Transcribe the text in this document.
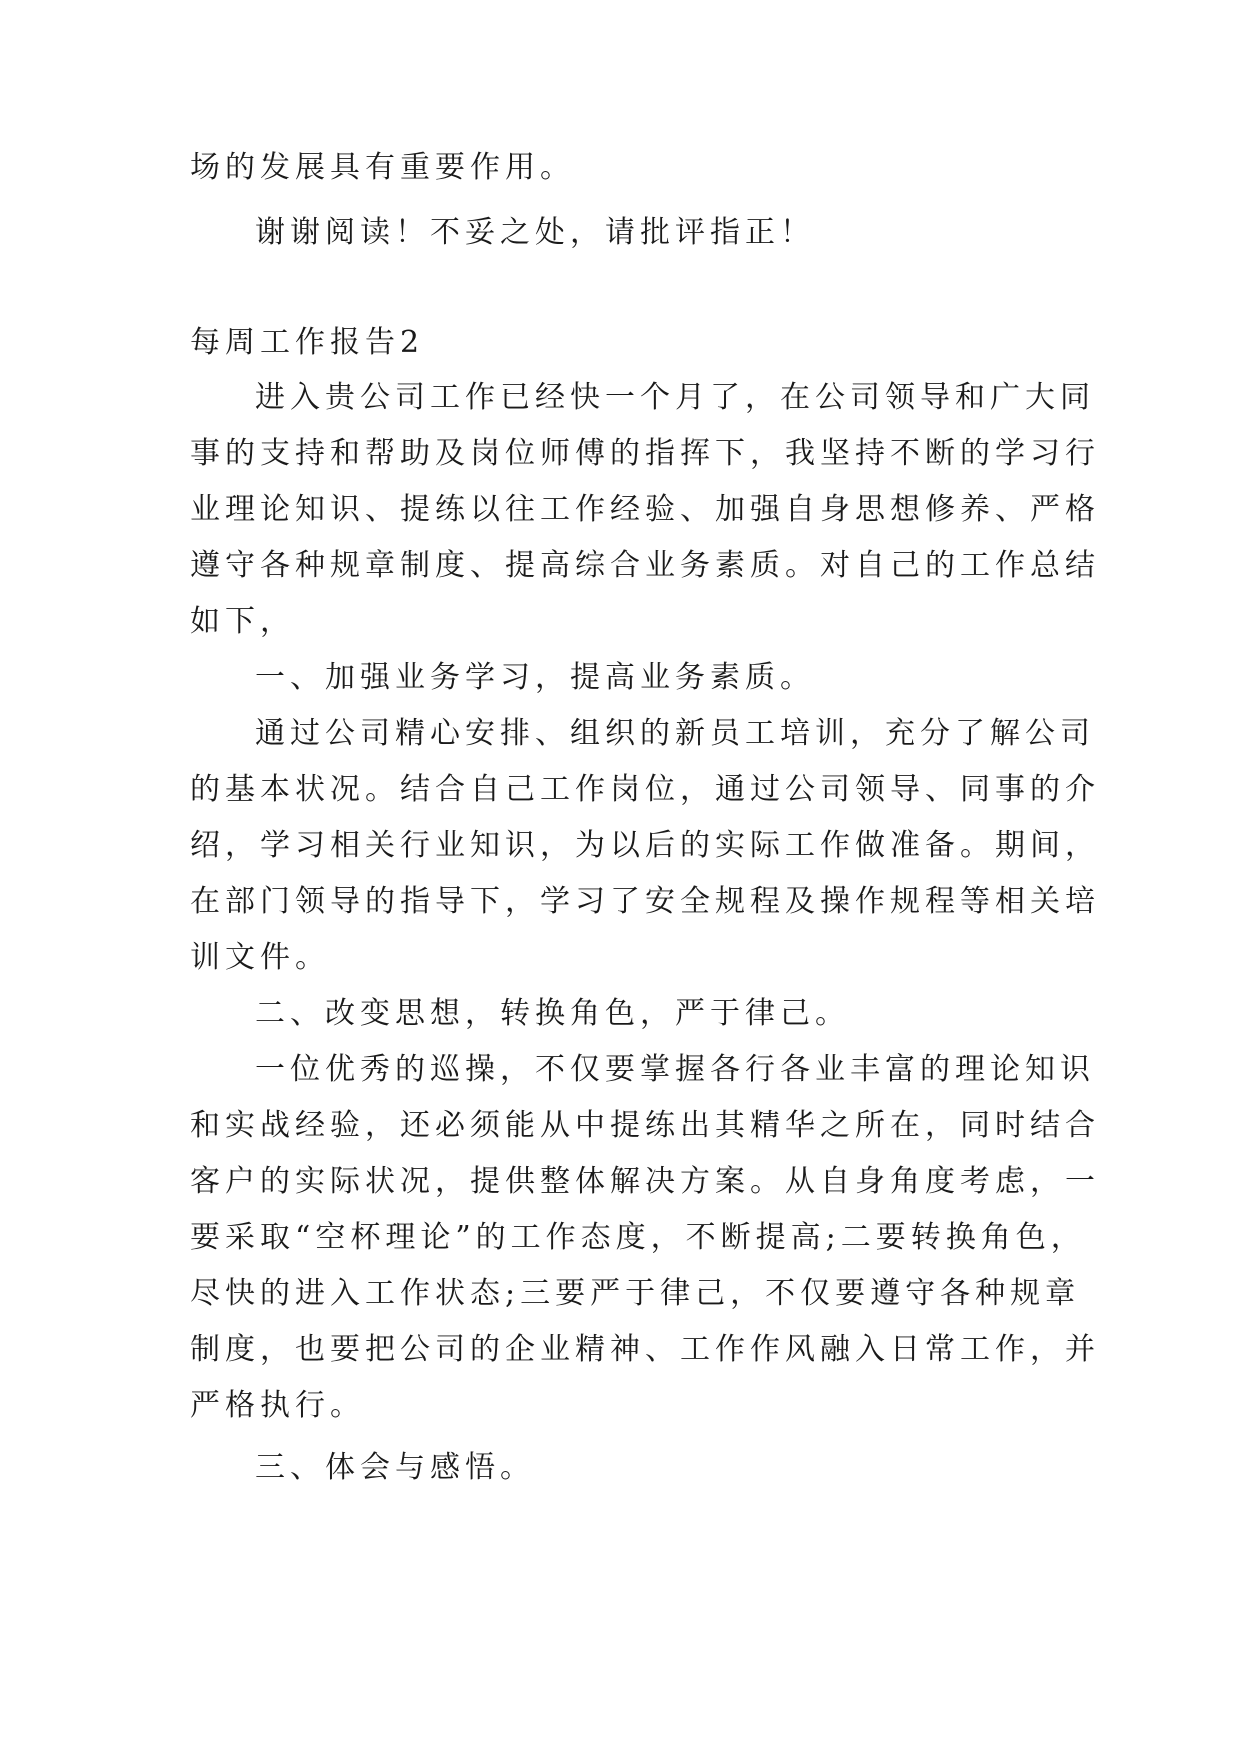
场的发展具有重要作用。
谢谢阅读！不妥之处，请批评指正！
每周工作报告2
进入贵公司工作已经快一个月了，在公司领导和广大同
事的支持和帮助及岗位师傅的指挥下，我坚持不断的学习行
业理论知识、提练以往工作经验、加强自身思想修养、严格
遵守各种规章制度、提高综合业务素质。对自己的工作总结
如下，
一、加强业务学习，提高业务素质。
通过公司精心安排、组织的新员工培训，充分了解公司
的基本状况。结合自己工作岗位，通过公司领导、同事的介
绍，学习相关行业知识，为以后的实际工作做准备。期间，
在部门领导的指导下，学习了安全规程及操作规程等相关培
训文件。
二、改变思想，转换角色，严于律己。
一位优秀的巡操，不仅要掌握各行各业丰富的理论知识
和实战经验，还必须能从中提练出其精华之所在，同时结合
客户的实际状况，提供整体解决方案。从自身角度考虑，一
要采取“空杯理论”的工作态度，不断提高;二要转换角色，
尽快的进入工作状态;三要严于律己，不仅要遵守各种规章
制度，也要把公司的企业精神、工作作风融入日常工作，并
严格执行。
三、体会与感悟。
